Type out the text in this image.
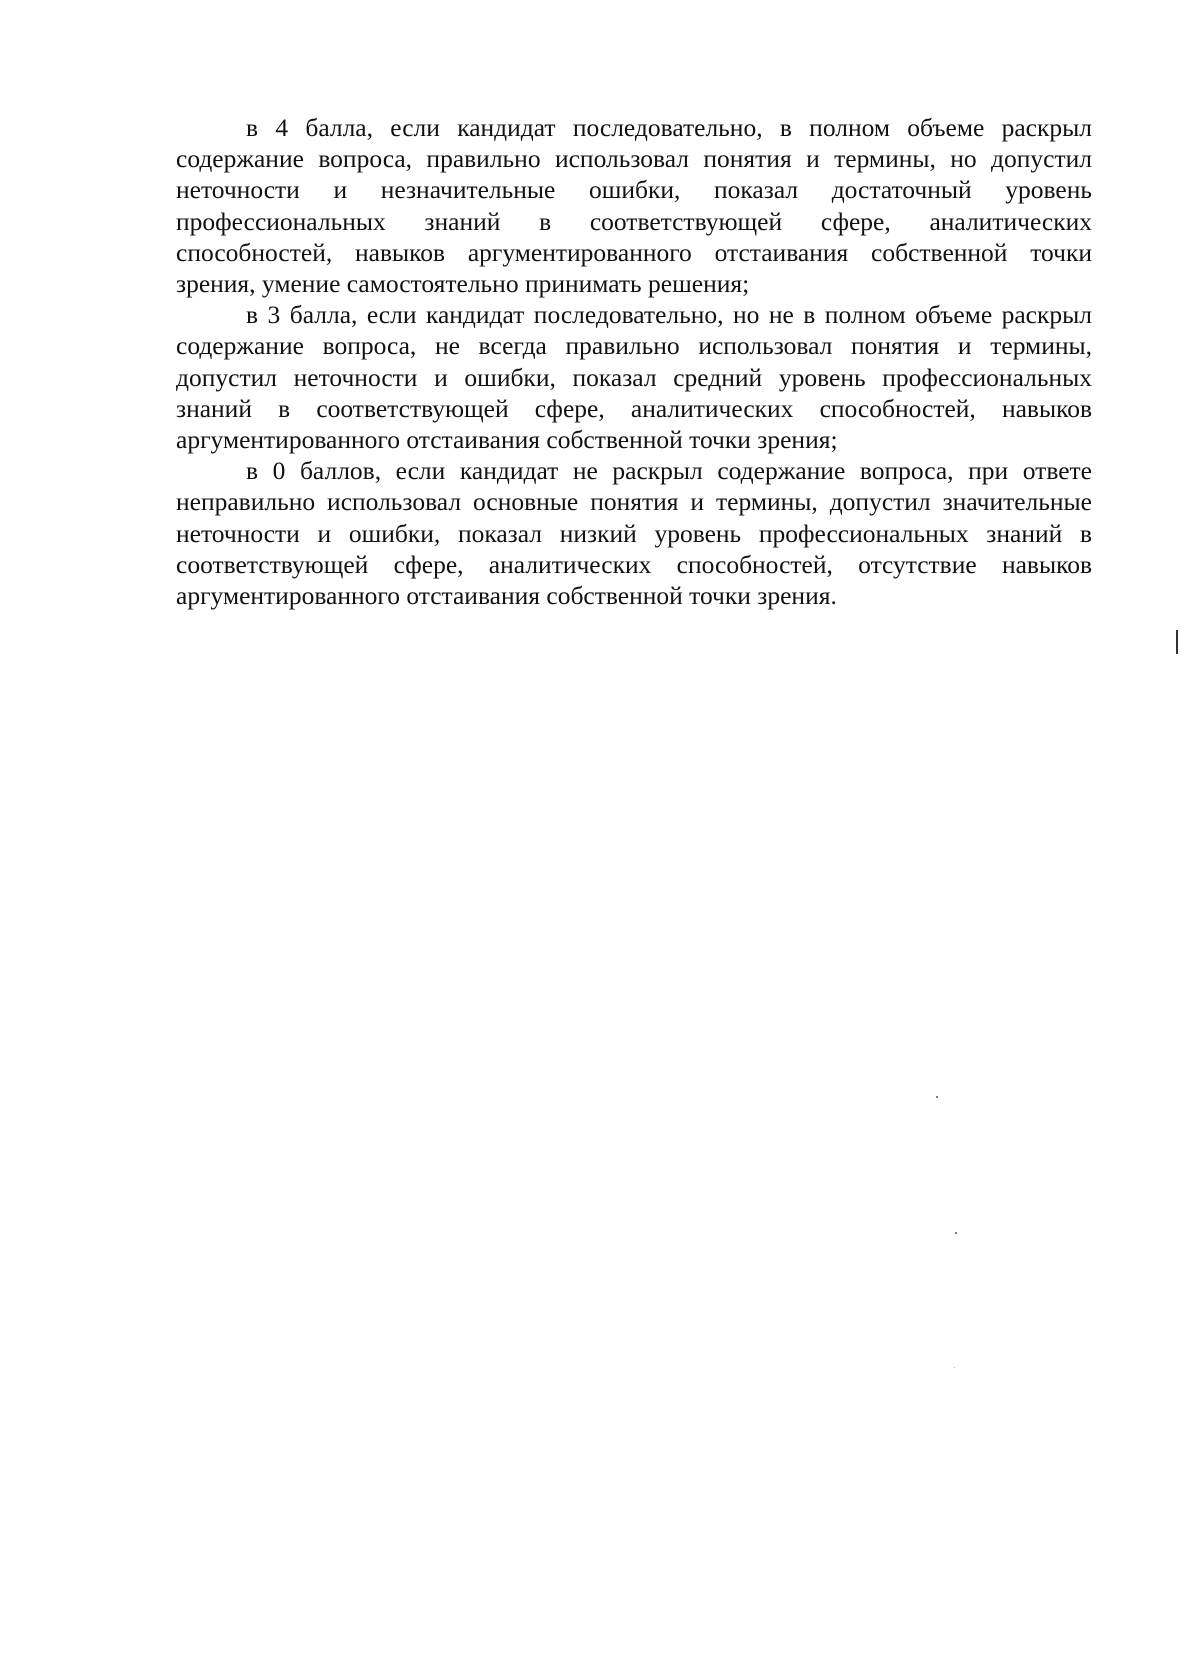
в 4 балла, если кандидат последовательно, в полном объеме раскрыл содержание вопроса, правильно использовал понятия и термины, но допустил неточности и незначительные ошибки, показал достаточный уровень профессиональных знаний в соответствующей сфере, аналитических способностей, навыков аргументированного отстаивания собственной точки зрения, умение самостоятельно принимать решения;

в 3 балла, если кандидат последовательно, но не в полном объеме раскрыл содержание вопроса, не всегда правильно использовал понятия и термины, допустил неточности и ошибки, показал средний уровень профессиональных знаний в соответствующей сфере, аналитических способностей, навыков аргументированного отстаивания собственной точки зрения;

в 0 баллов, если кандидат не раскрыл содержание вопроса, при ответе неправильно использовал основные понятия и термины, допустил значительные неточности и ошибки, показал низкий уровень профессиональных знаний в соответствующей сфере, аналитических способностей, отсутствие навыков аргументированного отстаивания собственной точки зрения.
